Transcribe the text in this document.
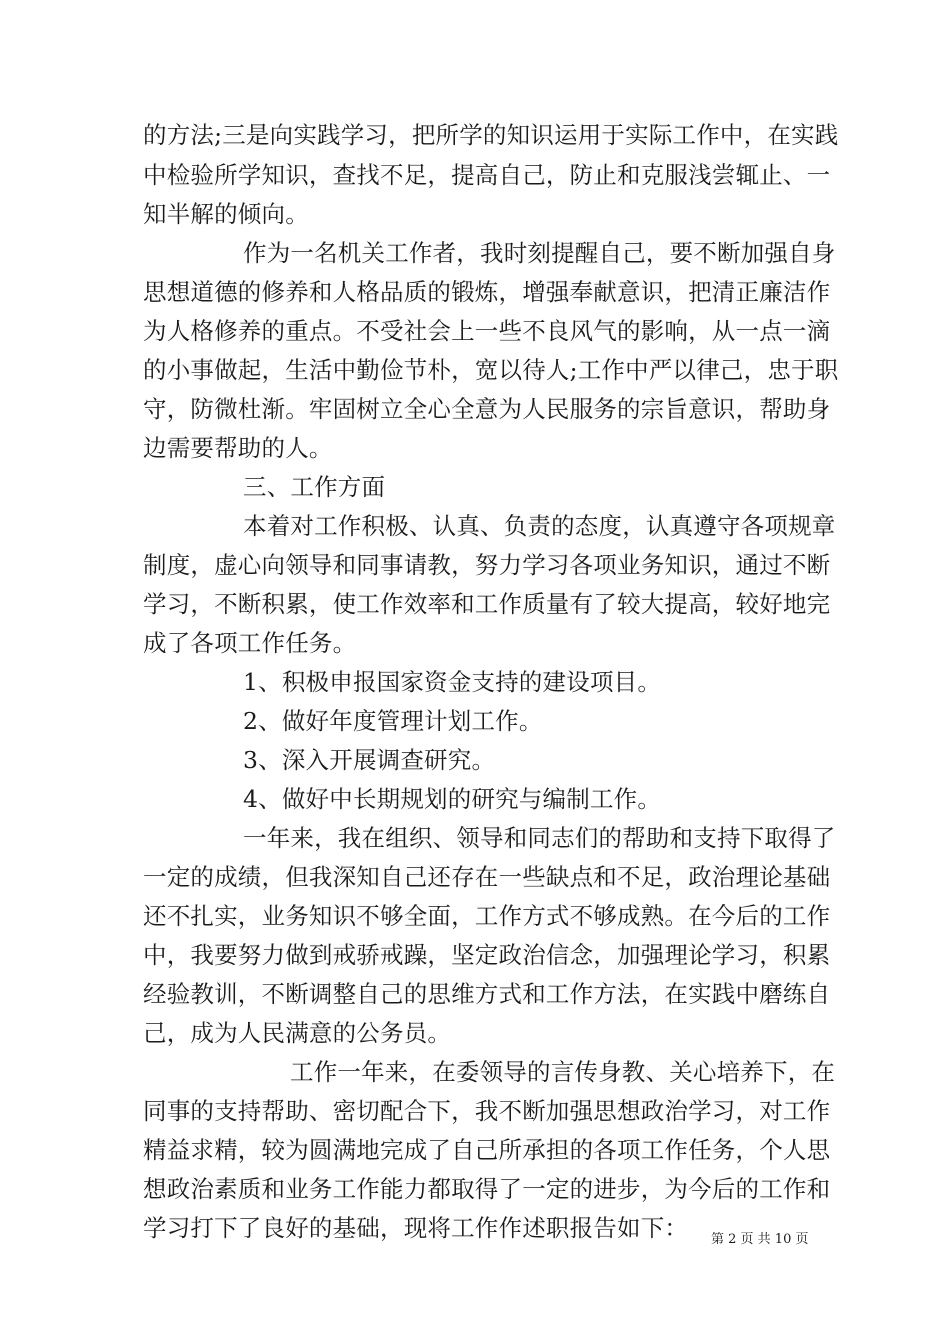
的方法;三是向实践学习，把所学的知识运用于实际工作中，在实践
中检验所学知识，查找不足，提高自己，防止和克服浅尝辄止、一
知半解的倾向。
作为一名机关工作者，我时刻提醒自己，要不断加强自身
思想道德的修养和人格品质的锻炼，增强奉献意识，把清正廉洁作
为人格修养的重点。不受社会上一些不良风气的影响，从一点一滴
的小事做起，生活中勤俭节朴，宽以待人;工作中严以律己，忠于职
守，防微杜渐。牢固树立全心全意为人民服务的宗旨意识，帮助身
边需要帮助的人。
三、工作方面
本着对工作积极、认真、负责的态度，认真遵守各项规章
制度，虚心向领导和同事请教，努力学习各项业务知识，通过不断
学习，不断积累，使工作效率和工作质量有了较大提高，较好地完
成了各项工作任务。
1、积极申报国家资金支持的建设项目。
2、做好年度管理计划工作。
3、深入开展调查研究。
4、做好中长期规划的研究与编制工作。
一年来，我在组织、领导和同志们的帮助和支持下取得了
一定的成绩，但我深知自己还存在一些缺点和不足，政治理论基础
还不扎实，业务知识不够全面，工作方式不够成熟。在今后的工作
中，我要努力做到戒骄戒躁，坚定政治信念，加强理论学习，积累
经验教训，不断调整自己的思维方式和工作方法，在实践中磨练自
己，成为人民满意的公务员。
工作一年来，在委领导的言传身教、关心培养下，在
同事的支持帮助、密切配合下，我不断加强思想政治学习，对工作
精益求精，较为圆满地完成了自己所承担的各项工作任务，个人思
想政治素质和业务工作能力都取得了一定的进步，为今后的工作和
学习打下了良好的基础，现将工作作述职报告如下： 第 2 页 共 10 页
